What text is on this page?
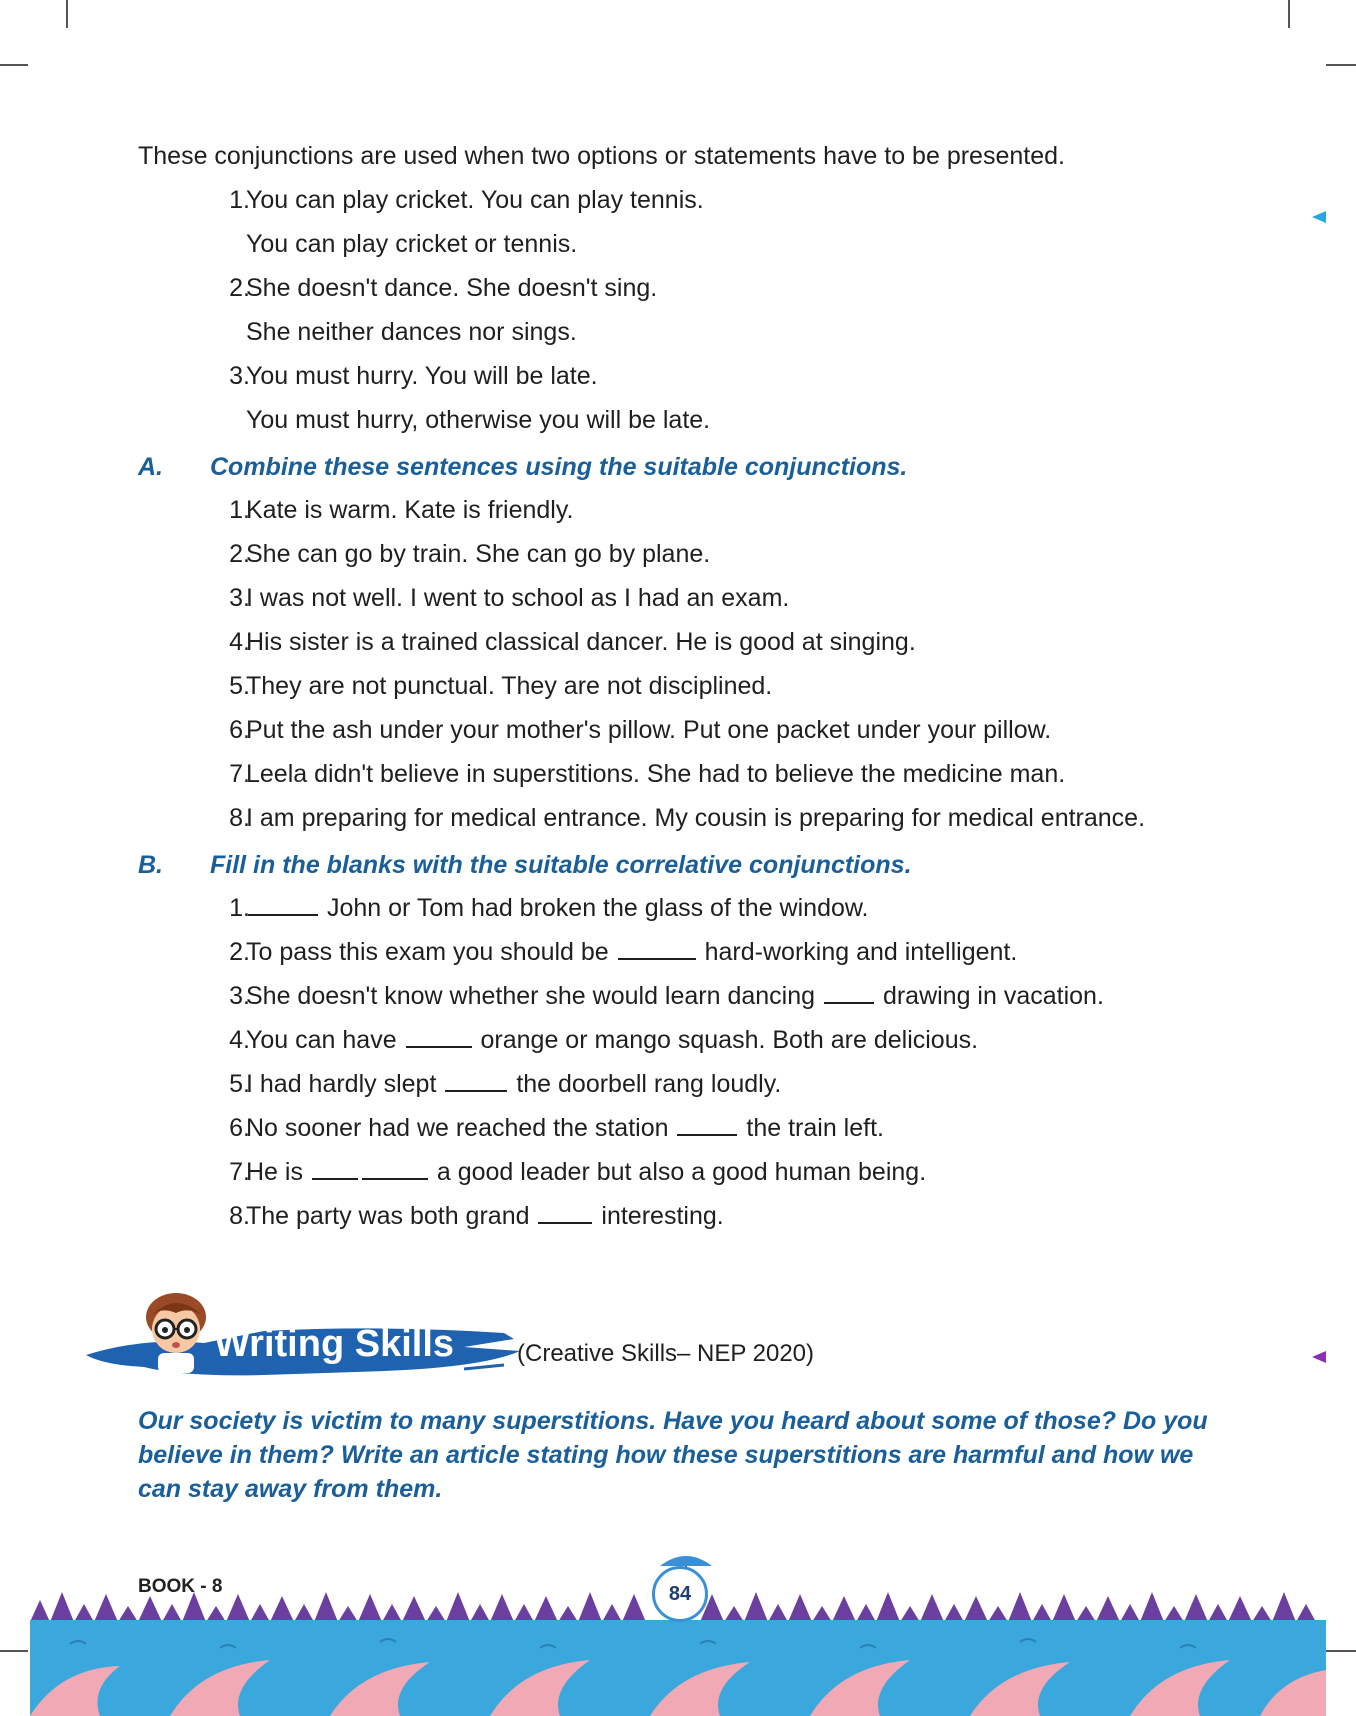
These conjunctions are used when two options or statements have to be presented.

1.
You can play cricket. You can play tennis.
You can play cricket or tennis.
2.
She doesn't dance. She doesn't sing.
She neither dances nor sings.
3.
You must hurry. You will be late.
You must hurry, otherwise you will be late.
A. Combine these sentences using the suitable conjunctions.
1.
Kate is warm. Kate is friendly.
2.
She can go by train. She can go by plane.
3.
I was not well. I went to school as I had an exam.
4.
His sister is a trained classical dancer. He is good at singing.
5.
They are not punctual. They are not disciplined.
6.
Put the ash under your mother's pillow. Put one packet under your pillow.
7.
Leela didn't believe in superstitions. She had to believe the medicine man.
8.
I am preparing for medical entrance. My cousin is preparing for medical entrance.
B. Fill in the blanks with the suitable correlative conjunctions.
1.	John or Tom had broken the glass of the window.
2.
To pass this exam you should be	hard-working and intelligent.
3.
She doesn't know whether she would learn dancing	drawing in vacation.
4.
You can have	orange or mango squash. Both are delicious.
5.
I had hardly slept	the doorbell rang loudly.
6.
No sooner had we reached the station	the train left.
7.
He is	a good leader but also a good human being.
8.
The party was both grand	interesting.
Writing Skills	(Creative Skills– NEP 2020)

Our society is victim to many superstitions. Have you heard about some of those? Do you believe in them? Write an article stating how these superstitions are harmful and how we can stay away from them.

BOOK - 8	84
